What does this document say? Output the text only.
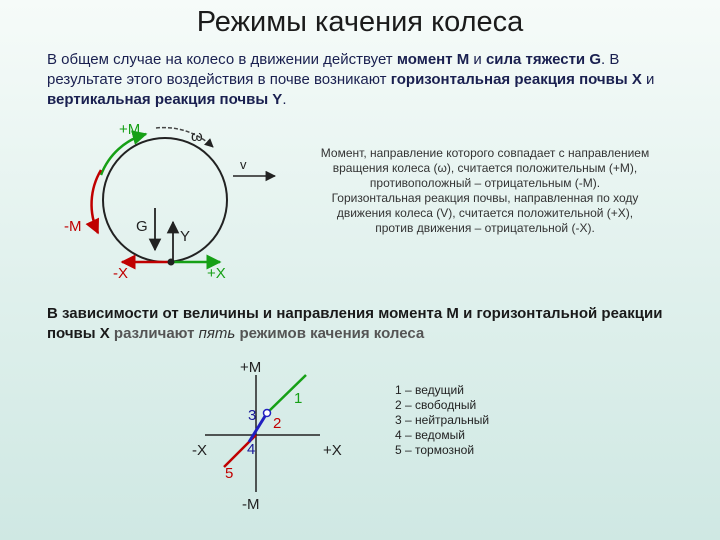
Режимы качения колеса
В общем случае на колесо в движении действует момент М и сила тяжести G. В результате этого воздействия в почве возникают горизонтальная реакция почвы Х и вертикальная реакция почвы Y.
+M	ω
v
-M	G
Y
-X	+X
Момент, направление которого совпадает с направлением
вращения колеса (ω), считается положительным (+М),
противоположный – отрицательным (-М).
Горизонтальная реакция почвы, направленная по ходу
движения колеса (V), считается положительной (+Х),
против движения – отрицательной (-Х).
В зависимости от величины и направления момента М и горизонтальной реакции почвы Х различают пять режимов качения колеса
+M
-M
-X	+X
1
2
3
4
5
1 – ведущий
2 – свободный
3 – нейтральный
4 – ведомый
5 – тормозной
